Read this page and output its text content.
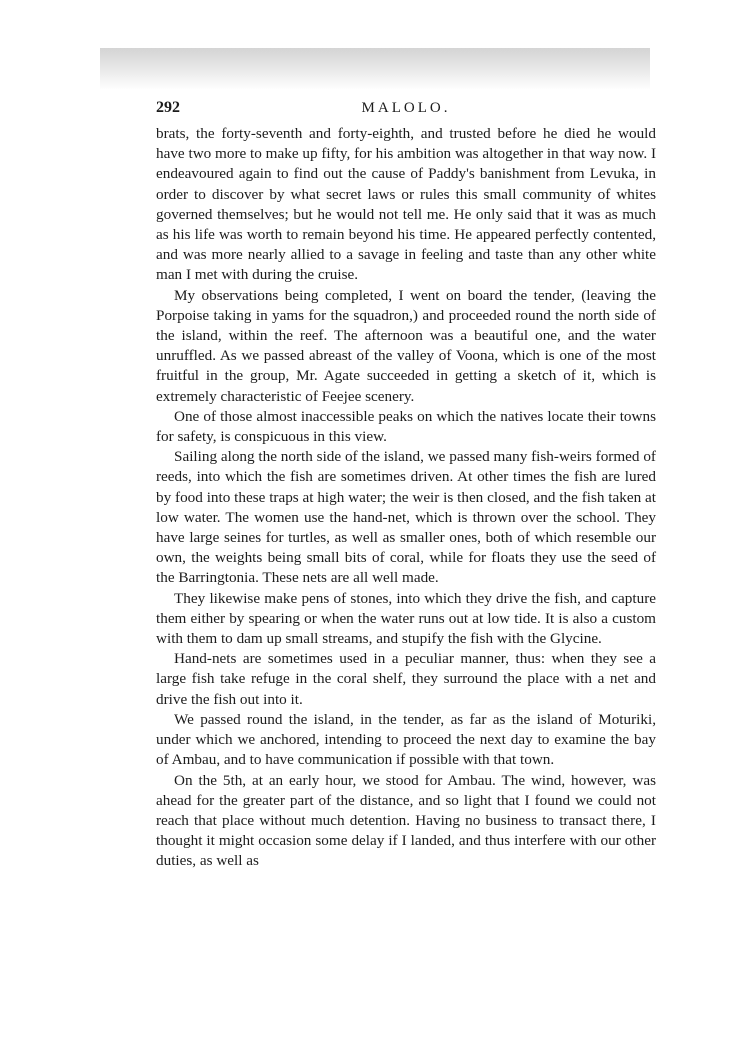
292	MALOLO.

brats, the forty-seventh and forty-eighth, and trusted before he died he would have two more to make up fifty, for his ambition was altogether in that way now. I endeavoured again to find out the cause of Paddy's banishment from Levuka, in order to discover by what secret laws or rules this small community of whites governed themselves; but he would not tell me. He only said that it was as much as his life was worth to remain beyond his time. He appeared perfectly contented, and was more nearly allied to a savage in feeling and taste than any other white man I met with during the cruise.

My observations being completed, I went on board the tender, (leaving the Porpoise taking in yams for the squadron,) and proceeded round the north side of the island, within the reef. The afternoon was a beautiful one, and the water unruffled. As we passed abreast of the valley of Voona, which is one of the most fruitful in the group, Mr. Agate succeeded in getting a sketch of it, which is extremely characteristic of Feejee scenery.

One of those almost inaccessible peaks on which the natives locate their towns for safety, is conspicuous in this view.

Sailing along the north side of the island, we passed many fish-weirs formed of reeds, into which the fish are sometimes driven. At other times the fish are lured by food into these traps at high water; the weir is then closed, and the fish taken at low water. The women use the hand-net, which is thrown over the school. They have large seines for turtles, as well as smaller ones, both of which resemble our own, the weights being small bits of coral, while for floats they use the seed of the Barringtonia. These nets are all well made.

They likewise make pens of stones, into which they drive the fish, and capture them either by spearing or when the water runs out at low tide. It is also a custom with them to dam up small streams, and stupify the fish with the Glycine.

Hand-nets are sometimes used in a peculiar manner, thus: when they see a large fish take refuge in the coral shelf, they surround the place with a net and drive the fish out into it.

We passed round the island, in the tender, as far as the island of Moturiki, under which we anchored, intending to proceed the next day to examine the bay of Ambau, and to have communication if possible with that town.

On the 5th, at an early hour, we stood for Ambau. The wind, however, was ahead for the greater part of the distance, and so light that I found we could not reach that place without much detention. Having no business to transact there, I thought it might occasion some delay if I landed, and thus interfere with our other duties, as well as
